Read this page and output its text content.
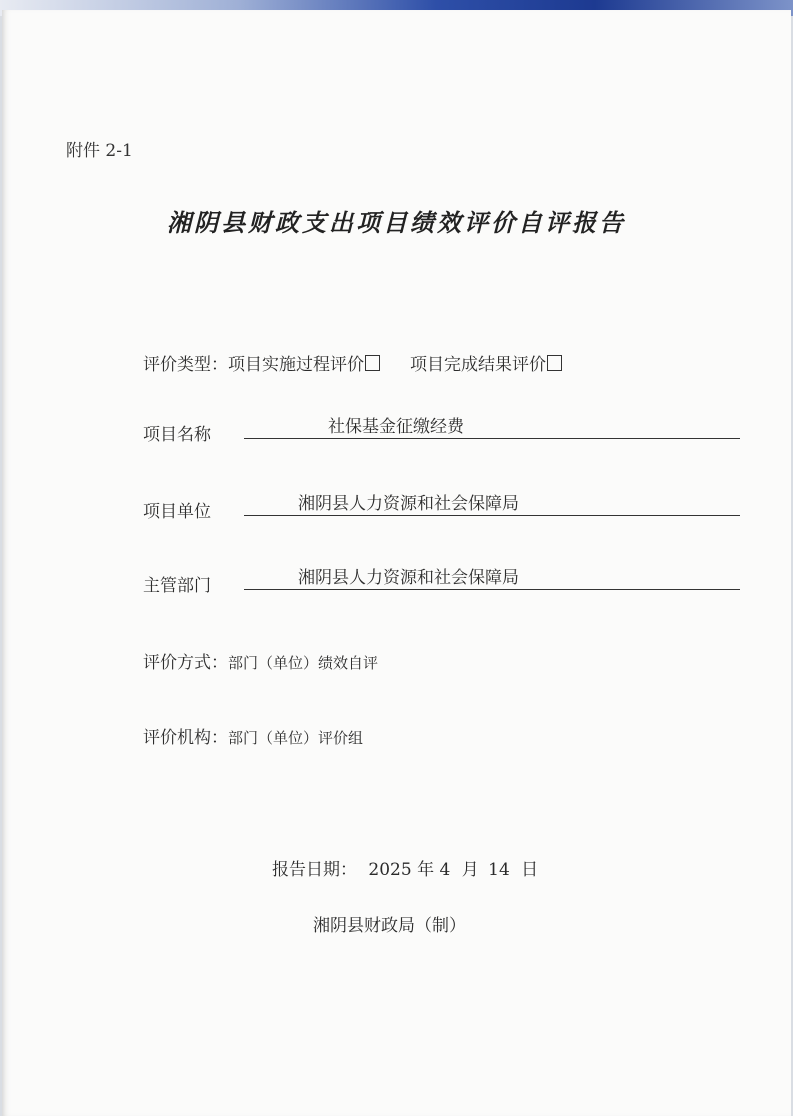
附件 2-1
湘阴县财政支出项目绩效评价自评报告
评价类型：项目实施过程评价	项目完成结果评价
项目名称	社保基金征缴经费
项目单位	湘阴县人力资源和社会保障局
主管部门	湘阴县人力资源和社会保障局
评价方式：部门（单位）绩效自评
评价机构：部门（单位）评价组
报告日期： 2025 年 4 月 14 日
湘阴县财政局（制）
